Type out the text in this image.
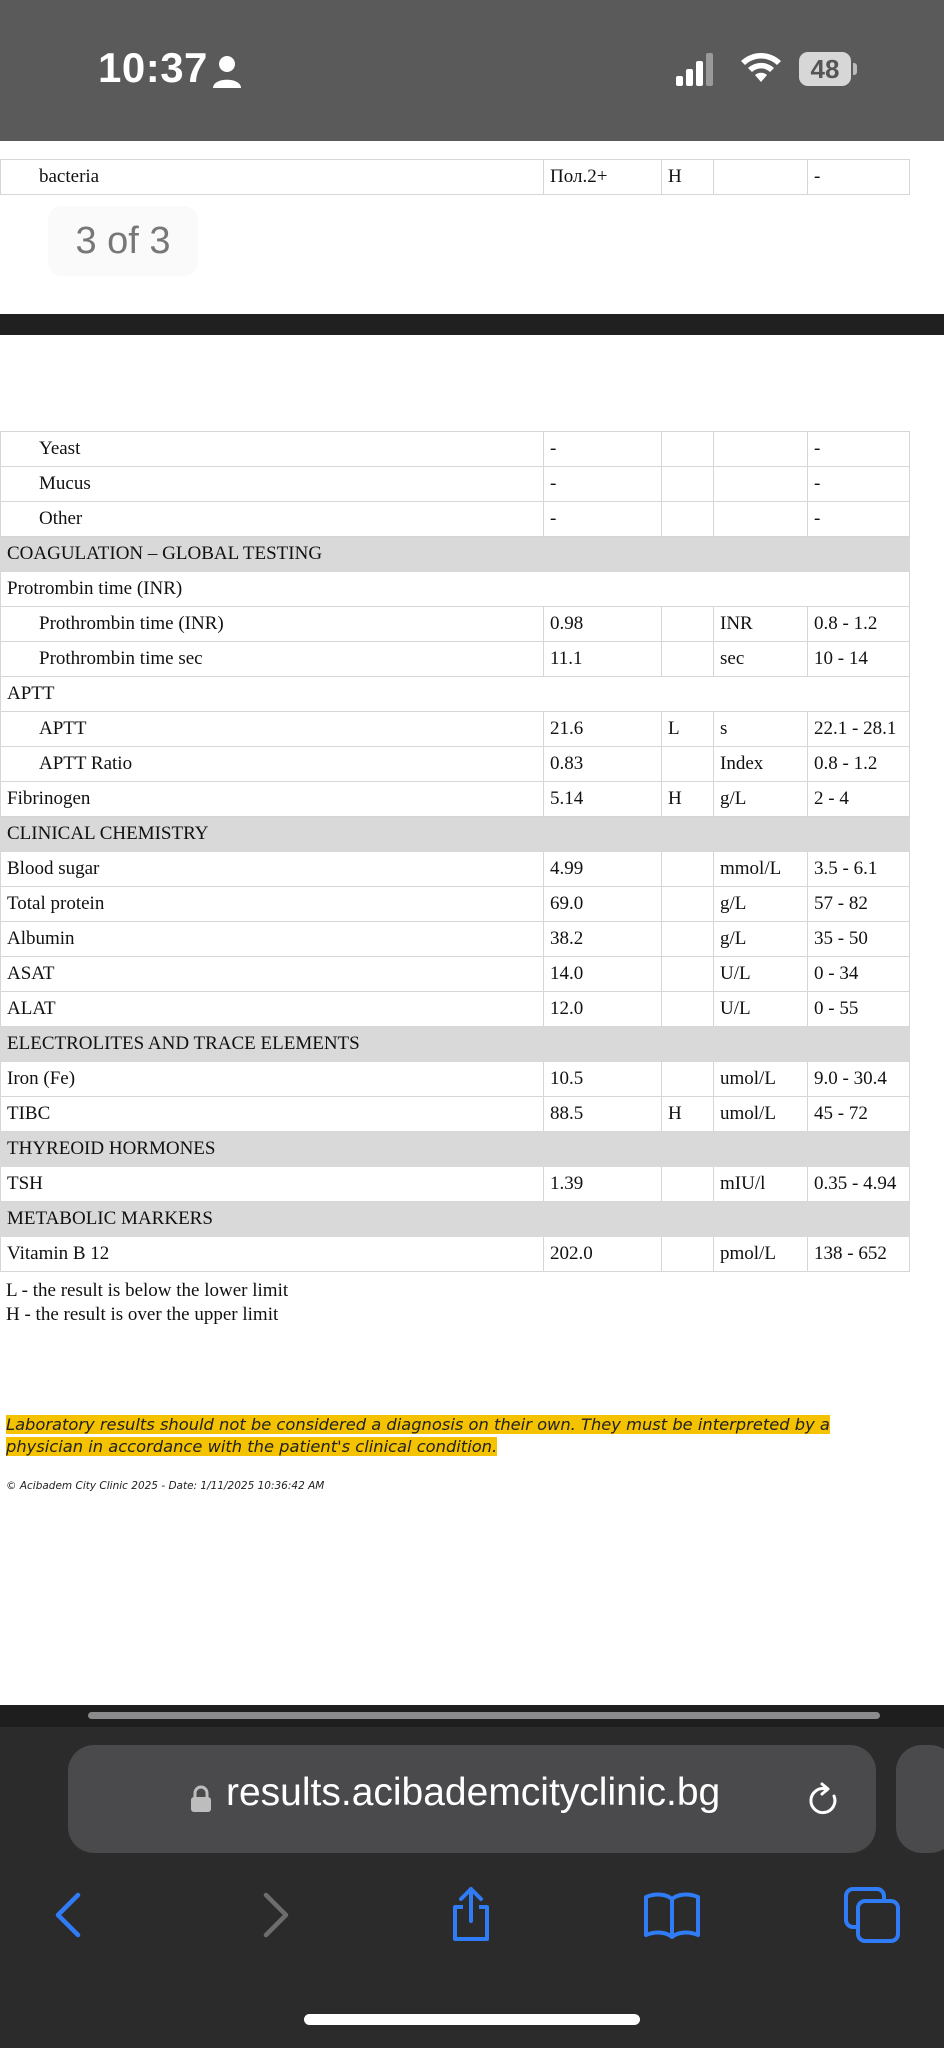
10:37	48
bacteria	Пол.2+	H		-
3 of 3
Yeast	-			-
Mucus	-			-
Other	-			-
COAGULATION – GLOBAL TESTING				
Protrombin time (INR)				
Prothrombin time (INR)	0.98		INR	0.8 - 1.2
Prothrombin time sec	11.1		sec	10 - 14
APTT				
APTT	21.6	L	s	22.1 - 28.1
APTT Ratio	0.83		Index	0.8 - 1.2
Fibrinogen	5.14	H	g/L	2 - 4
CLINICAL CHEMISTRY				
Blood sugar	4.99		mmol/L	3.5 - 6.1
Total protein	69.0		g/L	57 - 82
Albumin	38.2		g/L	35 - 50
ASAT	14.0		U/L	0 - 34
ALAT	12.0		U/L	0 - 55
ELECTROLITES AND TRACE ELEMENTS				
Iron (Fe)	10.5		umol/L	9.0 - 30.4
TIBC	88.5	H	umol/L	45 - 72
THYREOID HORMONES				
TSH	1.39		mIU/l	0.35 - 4.94
METABOLIC MARKERS				
Vitamin B 12	202.0		pmol/L	138 - 652
L - the result is below the lower limit
H - the result is over the upper limit
Laboratory results should not be considered a diagnosis on their own. They must be interpreted by a physician in accordance with the patient's clinical condition.
© Acibadem City Clinic 2025 - Date: 1/11/2025 10:36:42 AM
results.acibademcityclinic.bg
